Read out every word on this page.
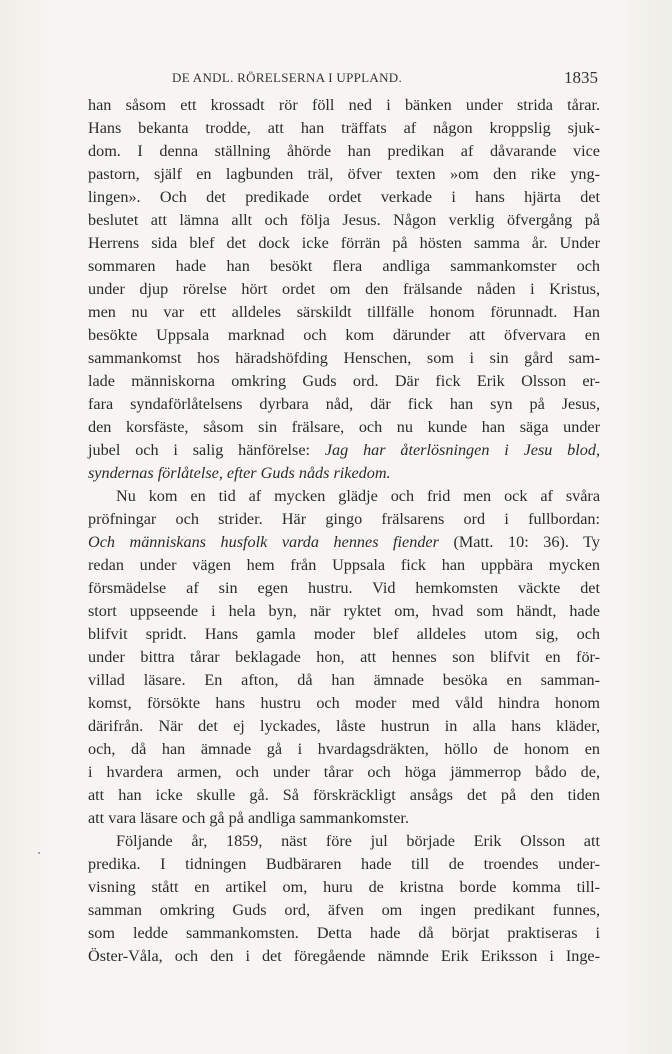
DE ANDL. RÖRELSERNA I UPPLAND.	1835
han såsom ett krossadt rör föll ned i bänken under strida tårar.
Hans bekanta trodde, att han träffats af någon kroppslig sjuk-
dom. I denna ställning åhörde han predikan af dåvarande vice
pastorn, själf en lagbunden träl, öfver texten »om den rike yng-
lingen». Och det predikade ordet verkade i hans hjärta det
beslutet att lämna allt och följa Jesus. Någon verklig öfvergång på
Herrens sida blef det dock icke förrän på hösten samma år. Under
sommaren hade han besökt flera andliga sammankomster och
under djup rörelse hört ordet om den frälsande nåden i Kristus,
men nu var ett alldeles särskildt tillfälle honom förunnadt. Han
besökte Uppsala marknad och kom därunder att öfvervara en
sammankomst hos häradshöfding Henschen, som i sin gård sam-
lade människorna omkring Guds ord. Där fick Erik Olsson er-
fara syndaförlåtelsens dyrbara nåd, där fick han syn på Jesus,
den korsfäste, såsom sin frälsare, och nu kunde han säga under
jubel och i salig hänförelse: Jag har återlösningen i Jesu blod,
syndernas förlåtelse, efter Guds nåds rikedom.
Nu kom en tid af mycken glädje och frid men ock af svåra
pröfningar och strider. Här gingo frälsarens ord i fullbordan:
Och människans husfolk varda hennes fiender (Matt. 10: 36). Ty
redan under vägen hem från Uppsala fick han uppbära mycken
försmädelse af sin egen hustru. Vid hemkomsten väckte det
stort uppseende i hela byn, när ryktet om, hvad som händt, hade
blifvit spridt. Hans gamla moder blef alldeles utom sig, och
under bittra tårar beklagade hon, att hennes son blifvit en för-
villad läsare. En afton, då han ämnade besöka en samman-
komst, försökte hans hustru och moder med våld hindra honom
därifrån. När det ej lyckades, låste hustrun in alla hans kläder,
och, då han ämnade gå i hvardagsdräkten, höllo de honom en
i hvardera armen, och under tårar och höga jämmerrop bådo de,
att han icke skulle gå. Så förskräckligt ansågs det på den tiden
att vara läsare och gå på andliga sammankomster.
Följande år, 1859, näst före jul började Erik Olsson att
predika. I tidningen Budbäraren hade till de troendes under-
visning stått en artikel om, huru de kristna borde komma till-
samman omkring Guds ord, äfven om ingen predikant funnes,
som ledde sammankomsten. Detta hade då börjat praktiseras i
Öster-Våla, och den i det föregående nämnde Erik Eriksson i Inge-
